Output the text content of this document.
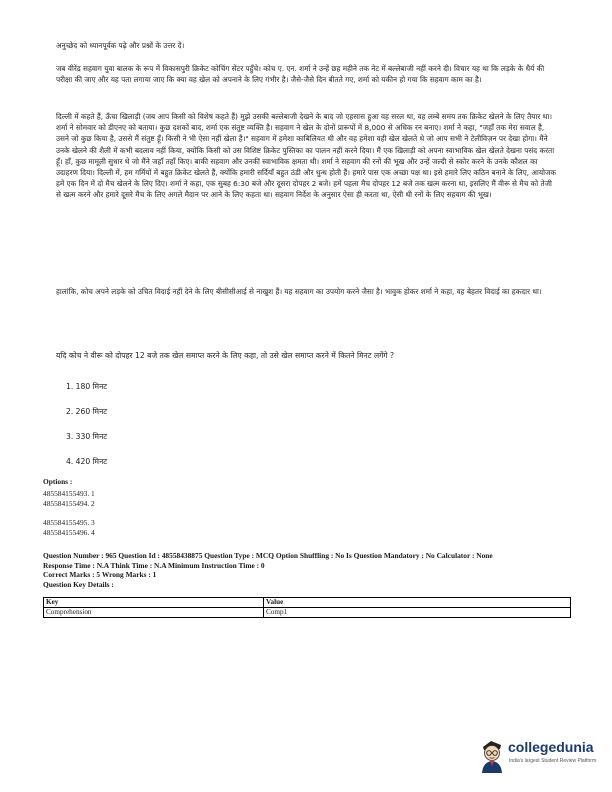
अनुच्छेद को ध्यानपूर्वक पढ़े और प्रश्नों के उत्तर दें।

जब वीरेंद्र सहवाग युवा बालक के रूप में विकासपुरी क्रिकेट कोचिंग सेंटर पहुँचे। कोच ए. एन. शर्मा ने उन्हें छह महीने तक नेट में बल्लेबाजी नहीं करने दी। विचार यह था कि लड़के के धैर्य की परीक्षा की जाए और यह पता लगाया जाए कि क्या वह खेल को अपनाने के लिए गंभीर है। जैसे-जैसे दिन बीतते गए, शर्मा को यकीन हो गया कि सहवाग काम का है।

दिल्ली में कहते हैं, ऊँचा खिलाड़ी (जब आप किसी को विशेष कहते हैं) मुझे उसकी बल्लेबाजी देखने के बाद जो एहसास हुआ वह सरल था, वह लम्बे समय तक क्रिकेट खेलने के लिए तैयार था। शर्मा ने सोमवार को डीएनए को बताया। कुछ दशकों बाद, शर्मा एक संतुष्ट व्यक्ति है। सहवाग ने खेल के दोनों प्रारूपों में 8,000 से अधिक रन बनाए। शर्मा ने कहा, "जहाँ तक मेरा सवाल है, उसने जो कुछ किया है, उससे मैं संतुष्ट हूँ। किसी ने भी ऐसा नहीं खेला है।" सहवाग में हमेशा काबिलियत थी और वह हमेशा वही खेल खेलते थे जो आप सभी ने टेलीविज़न पर देखा होगा। मैंने उनके खेलने की शैली में कभी बदलाव नहीं किया, क्योंकि किसी को उस विशिष्ट क्रिकेट पुस्तिका का पालन नहीं करने दिया। मैं एक खिलाड़ी को अपना स्वाभाविक खेल खेलते देखना पसंद करता हूँ। हाँ, कुछ मामूली सुधार थे जो मैंने जहाँ तहाँ किए। बाकी सहवाग और उनकी स्वाभाविक क्षमता थी। शर्मा ने सहवाग की रनों की भूख और उन्हें जल्दी से स्कोर करने के उनके कौशल का उदाहरण दिया। दिल्ली में, हम गर्मियों में बहुत क्रिकेट खेलते हैं, क्योंकि हमारी सर्दियाँ बहुत ठंडी और धुन्ध होती हैं। हमारे पास एक अच्छा पक्ष था। इसे हमारे लिए कठिन बनाने के लिए, आयोजक हमें एक दिन में दो मैच खेलने के लिए दिए। शर्मा ने कहा, एक सुबह 6:30 बजे और दूसरा दोपहर 2 बजे। हमें पहला मैच दोपहर 12 बजे तक खत्म करना था, इसलिए मैं वीरू से मैच को तेजी से खत्म करने और हमारे दूसरे मैच के लिए अगले मैदान पर आने के लिए कहता था। सहवाग निर्देश के अनुसार ऐसा ही करता था, ऐसी थी रनों के लिए सहवाग की भूख।

हालांकि, कोच अपने लड़के को उचित विदाई नहीं देने के लिए बीसीसीआई से नाखुश हैं। यह सहवाग का उपयोग करने जैसा है। भावुक होकर शर्मा ने कहा, वह बेहतर विदाई का हकदार था।

यदि कोच ने वीरू को दोपहर 12 बजे तक खेल समाप्त करने के लिए कहा, तो उसे खेल समाप्त करने में कितने मिनट लगेंगे ?

1. 180 मिनट
2. 260 मिनट
3. 330 मिनट
4. 420 मिनट
Options :
485584155493. 1
485584155494. 2
485584155495. 3
485584155496. 4
Question Number : 965 Question Id : 48558438875 Question Type : MCQ Option Shuffling : No Is Question Mandatory : No Calculator : None
Response Time : N.A Think Time : N.A Minimum Instruction Time : 0
Correct Marks : 5 Wrong Marks : 1
Question Key Details :
Key	Value
Comprehension	Comp1
collegedunia
India's largest Student Review Platform
